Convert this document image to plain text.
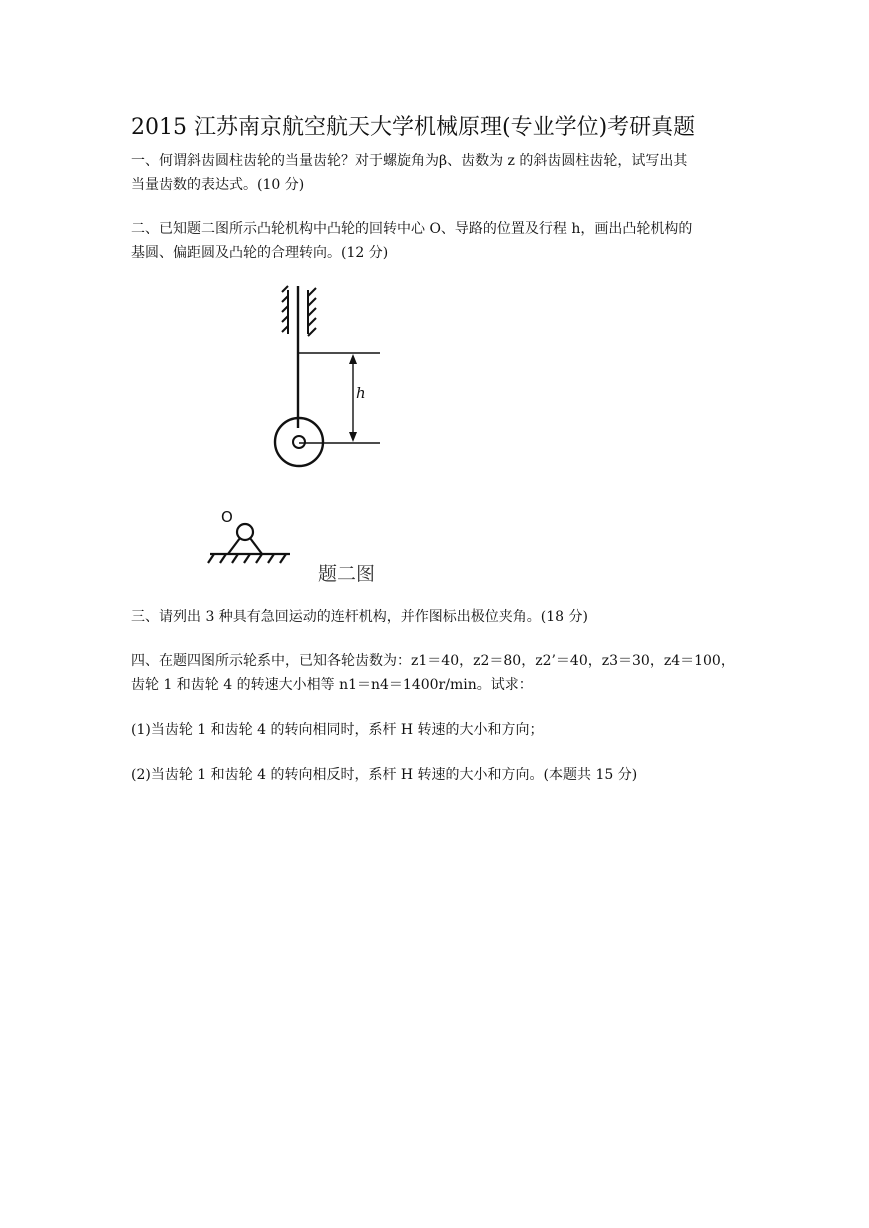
2015 江苏南京航空航天大学机械原理(专业学位)考研真题
一、何谓斜齿圆柱齿轮的当量齿轮？对于螺旋角为β、齿数为 z 的斜齿圆柱齿轮，试写出其
当量齿数的表达式。(10 分)
二、已知题二图所示凸轮机构中凸轮的回转中心 O、导路的位置及行程 h，画出凸轮机构的
基圆、偏距圆及凸轮的合理转向。(12 分)
h
O
题二图
三、请列出 3 种具有急回运动的连杆机构，并作图标出极位夹角。(18 分)
四、在题四图所示轮系中，已知各轮齿数为：z1＝40，z2＝80，z2’＝40，z3＝30，z4＝100，
齿轮 1 和齿轮 4 的转速大小相等 n1＝n4＝1400r/min。试求：
(1)当齿轮 1 和齿轮 4 的转向相同时，系杆 H 转速的大小和方向；
(2)当齿轮 1 和齿轮 4 的转向相反时，系杆 H 转速的大小和方向。(本题共 15 分)
